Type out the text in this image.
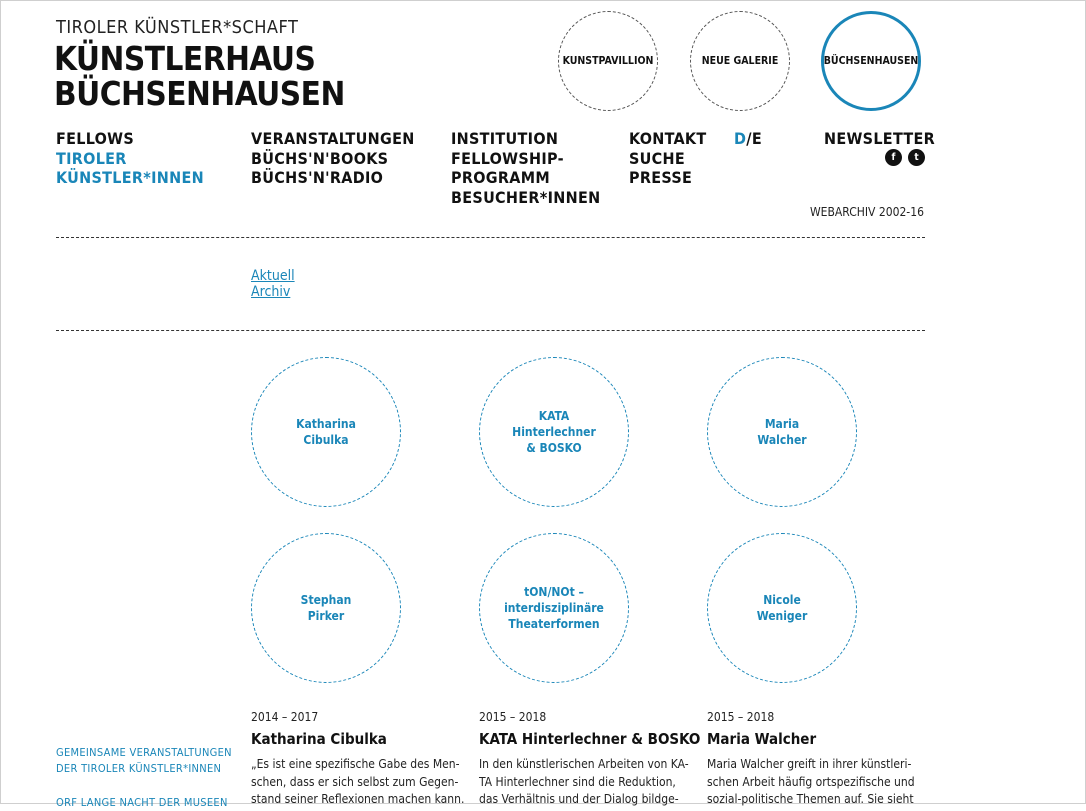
TIROLER KÜNSTLER*SCHAFT
KÜNSTLERHAUS
BÜCHSENHAUSEN
KUNSTPAVILLION	NEUE GALERIE	BÜCHSENHAUSEN
FELLOWS
TIROLER
KÜNSTLER*INNEN
VERANSTALTUNGEN
BÜCHS'N'BOOKS
BÜCHS'N'RADIO
INSTITUTION
FELLOWSHIP-
PROGRAMM
BESUCHER*INNEN
KONTAKT
SUCHE
PRESSE
D/E	NEWSLETTER
f	t
WEBARCHIV 2002-16
Aktuell
Archiv
Katharina
Cibulka
KATA
Hinterlechner
& BOSKO
Maria
Walcher
Stephan
Pirker
tON/NOt –
interdisziplinäre
Theaterformen
Nicole
Weniger
2014 – 2017
Katharina Cibulka
„Es ist eine spezifische Gabe des Men-
schen, dass er sich selbst zum Gegen-
stand seiner Reflexionen machen kann.
2015 – 2018
KATA Hinterlechner & BOSKO
In den künstlerischen Arbeiten von KA-
TA Hinterlechner sind die Reduktion,
das Verhältnis und der Dialog bildge-
2015 – 2018
Maria Walcher
Maria Walcher greift in ihrer künstleri-
schen Arbeit häufig ortspezifische und
sozial-politische Themen auf. Sie sieht
GEMEINSAME VERANSTALTUNGEN
DER TIROLER KÜNSTLER*INNEN
ORF LANGE NACHT DER MUSEEN
